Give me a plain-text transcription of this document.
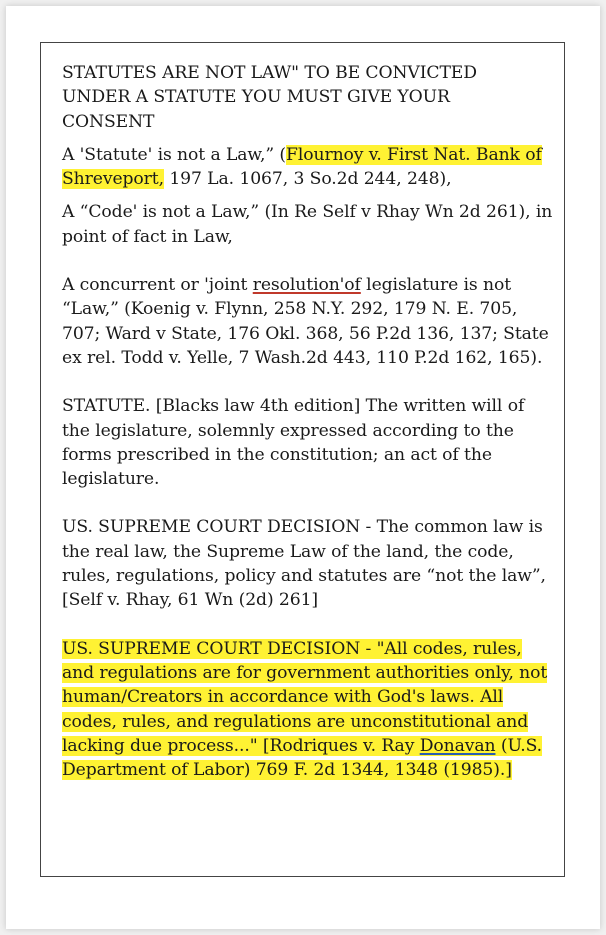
STATUTES ARE NOT LAW" TO BE CONVICTED
UNDER A STATUTE YOU MUST GIVE YOUR
CONSENT

A 'Statute' is not a Law,” (Flournoy v. First Nat. Bank of Shreveport, 197 La. 1067, 3 So.2d 244, 248),

A “Code' is not a Law,” (In Re Self v Rhay Wn 2d 261), in point of fact in Law,

A concurrent or 'joint resolution'of legislature is not “Law,” (Koenig v. Flynn, 258 N.Y. 292, 179 N. E. 705, 707; Ward v State, 176 Okl. 368, 56 P.2d 136, 137; State ex rel. Todd v. Yelle, 7 Wash.2d 443, 110 P.2d 162, 165).

STATUTE. [Blacks law 4th edition] The written will of the legislature, solemnly expressed according to the forms prescribed in the constitution; an act of the legislature.

US. SUPREME COURT DECISION - The common law is the real law, the Supreme Law of the land, the code, rules, regulations, policy and statutes are “not the law”, [Self v. Rhay, 61 Wn (2d) 261]

US. SUPREME COURT DECISION - "All codes, rules, and regulations are for government authorities only, not human/Creators in accordance with God's laws. All codes, rules, and regulations are unconstitutional and lacking due process..." [Rodriques v. Ray Donavan (U.S. Department of Labor) 769 F. 2d 1344, 1348 (1985).]
